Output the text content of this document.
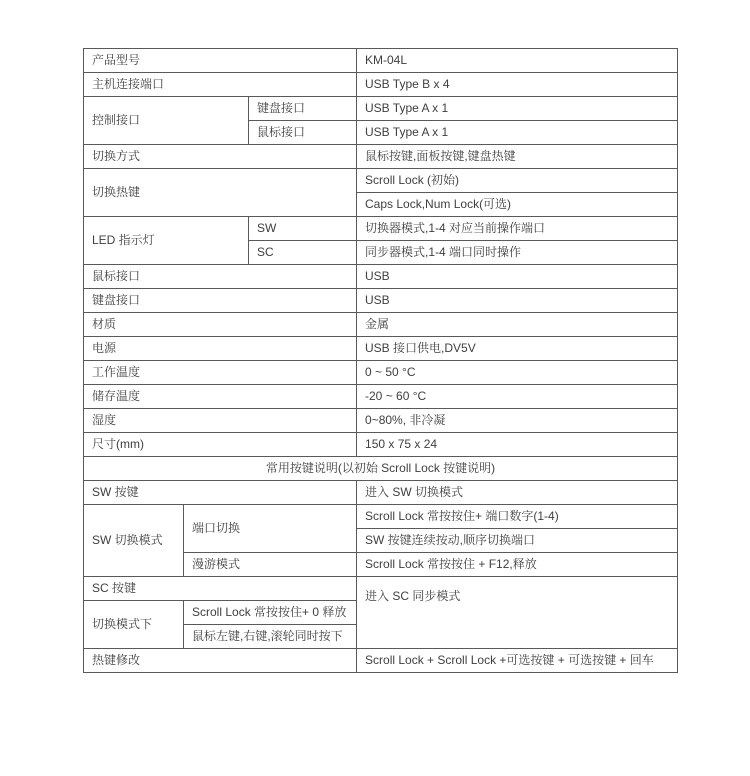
产品型号		KM-04L
主机连接端口		USB Type B x 4
控制接口	键盘接口	USB Type A x 1
	鼠标接口	USB Type A x 1
切换方式		鼠标按键,面板按键,键盘热键
切换热键		Scroll Lock (初始)
		Caps Lock,Num Lock(可选)
LED 指示灯	SW	切换器模式,1-4 对应当前操作端口
	SC	同步器模式,1-4 端口同时操作
鼠标接口		USB
键盘接口		USB
材质		金属
电源		USB 接口供电,DV5V
工作温度		0 ~ 50 °C
储存温度		-20 ~ 60 °C
湿度		0~80%, 非冷凝
尺寸(mm)		150 x 75 x 24
常用按键说明(以初始 Scroll Lock 按键说明)		
SW 按键		进入 SW 切换模式
SW 切换模式	端口切换	Scroll Lock 常按按住+ 端口数字(1-4)
		SW 按键连续按动,顺序切换端口
	漫游模式	Scroll Lock 常按按住 + F12,释放
SC 按键		进入 SC 同步模式
切换模式下	Scroll Lock 常按按住+ 0 释放	
	鼠标左键,右键,滚轮同时按下	
热键修改		Scroll Lock + Scroll Lock +可选按键 + 可选按键 + 回车
